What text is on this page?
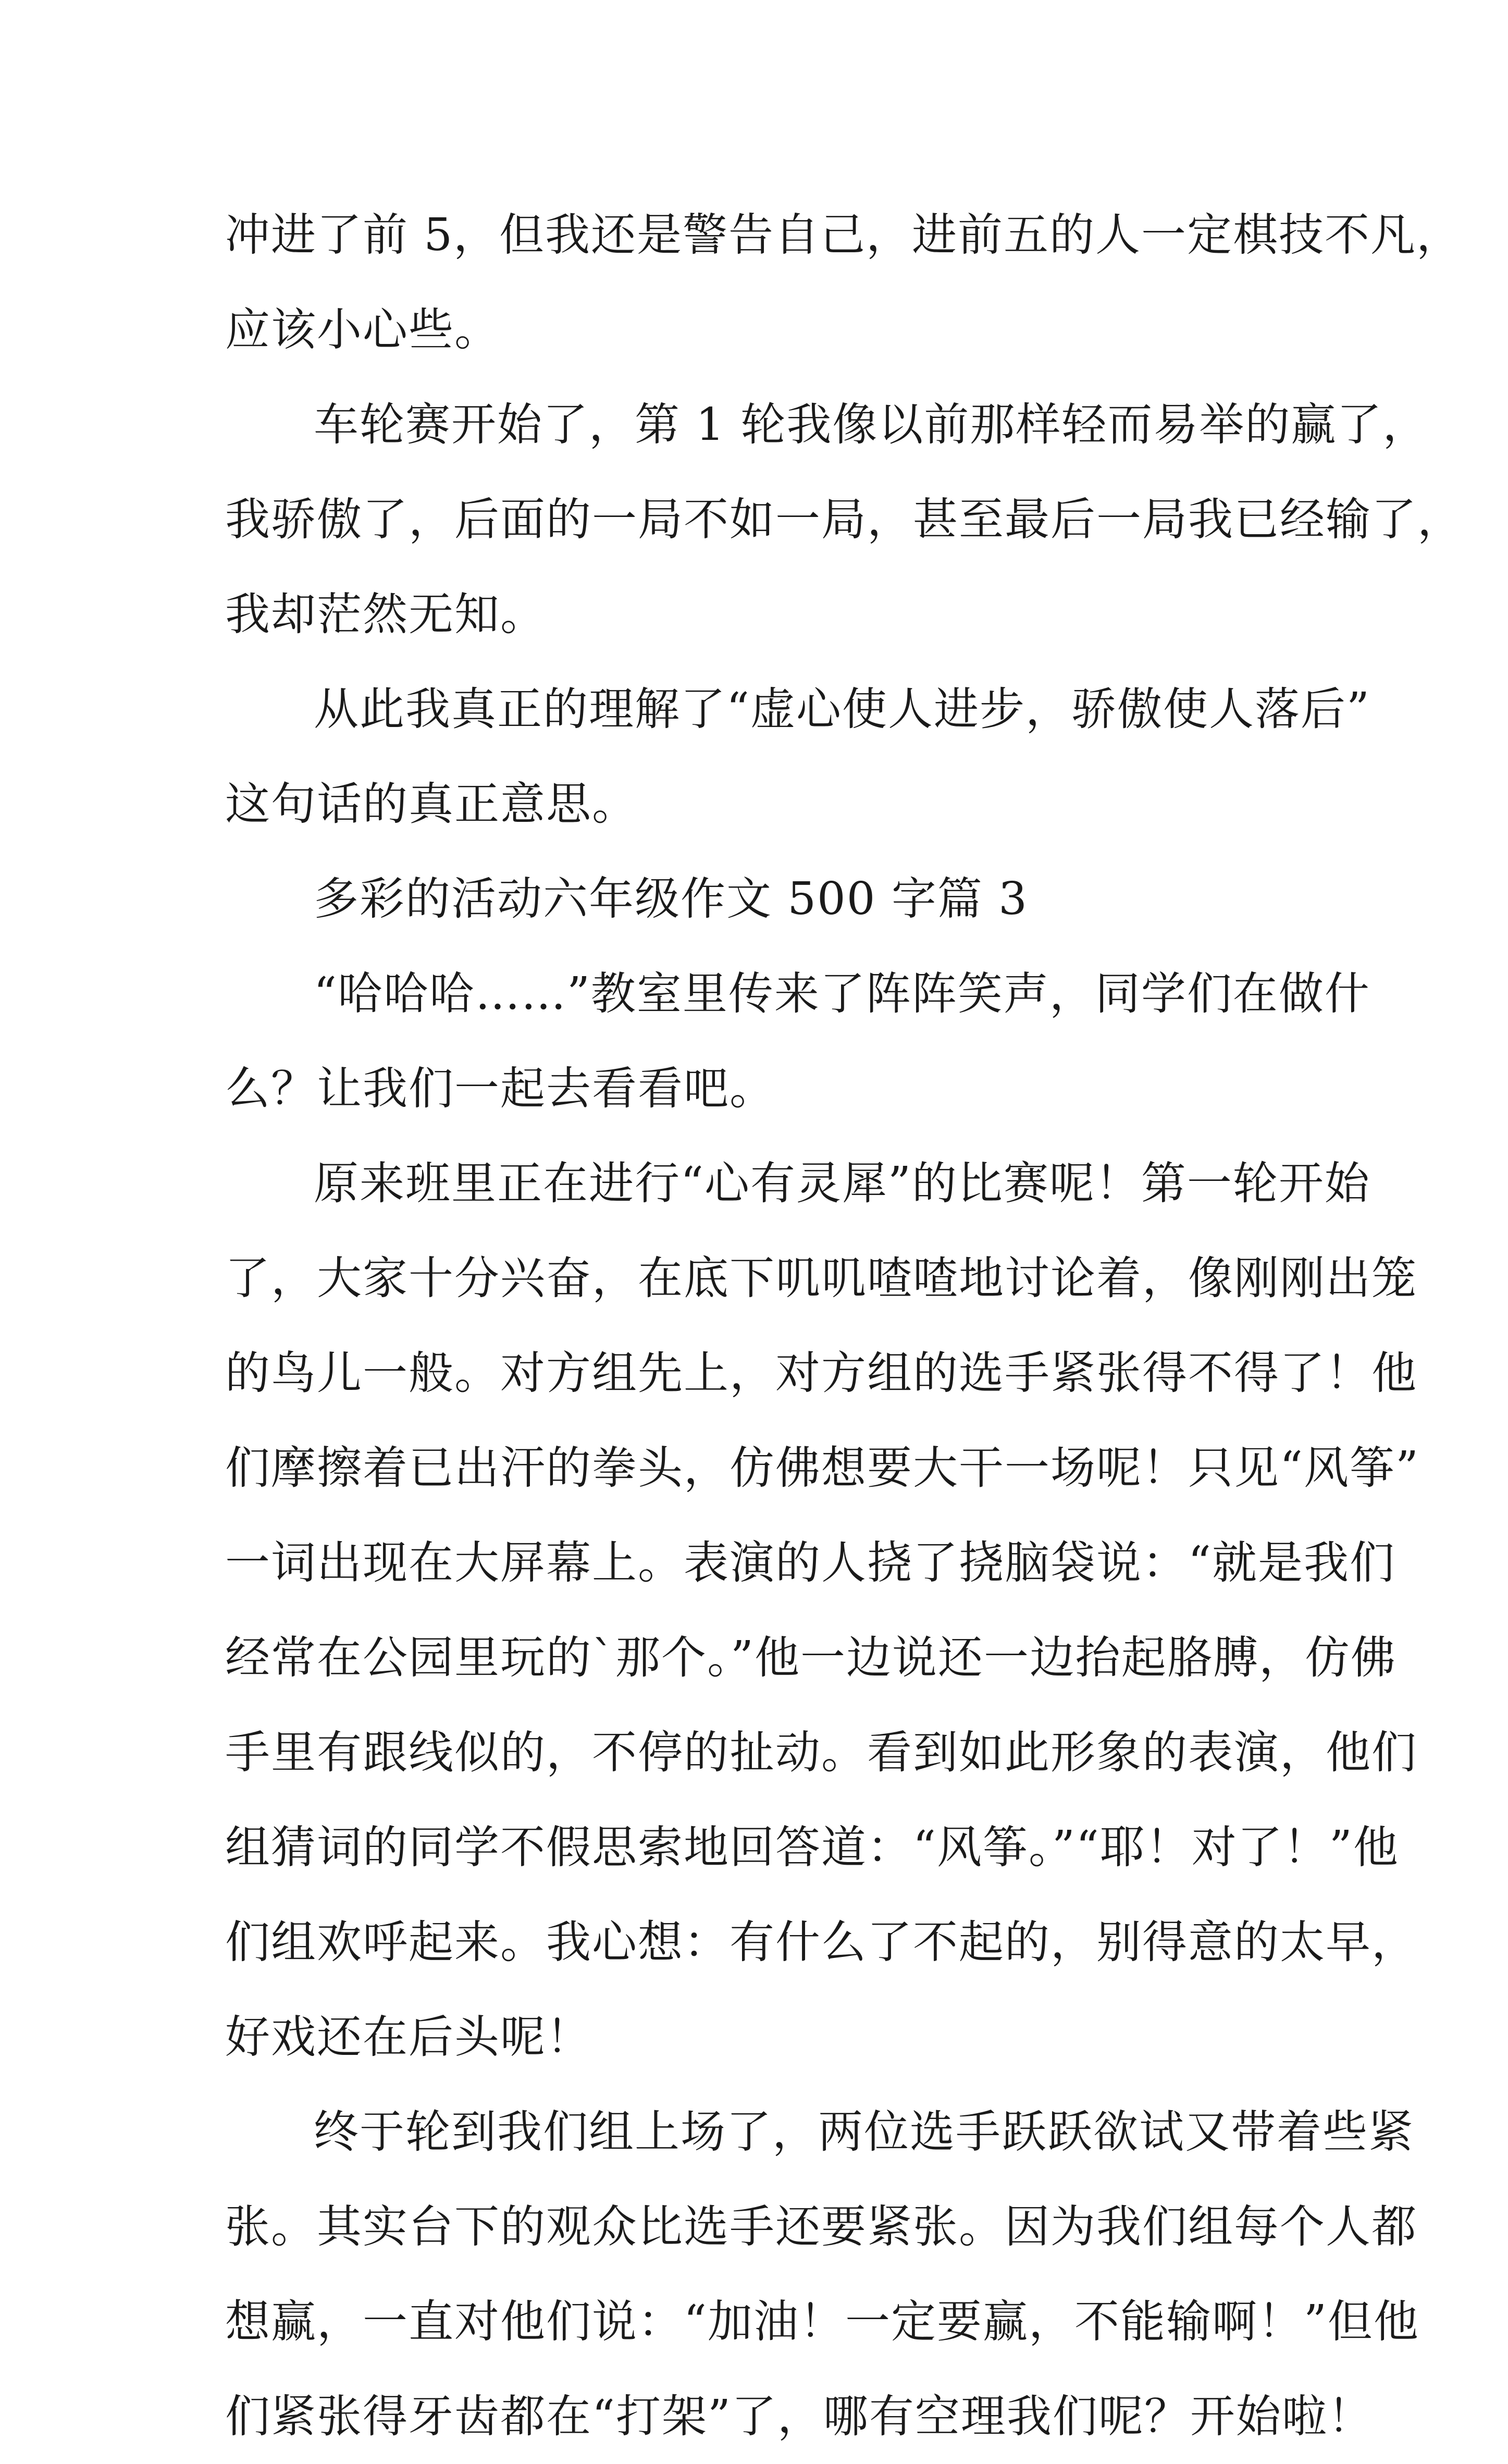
冲进了前 5，但我还是警告自己，进前五的人一定棋技不凡，
应该小心些。
车轮赛开始了，第 1 轮我像以前那样轻而易举的赢了，
我骄傲了，后面的一局不如一局，甚至最后一局我已经输了，
我却茫然无知。
从此我真正的理解了“虚心使人进步，骄傲使人落后”
这句话的真正意思。
多彩的活动六年级作文 500 字篇 3
“哈哈哈……”教室里传来了阵阵笑声，同学们在做什
么？让我们一起去看看吧。
原来班里正在进行“心有灵犀”的比赛呢！第一轮开始
了，大家十分兴奋，在底下叽叽喳喳地讨论着，像刚刚出笼
的鸟儿一般。对方组先上，对方组的选手紧张得不得了！他
们摩擦着已出汗的拳头，仿佛想要大干一场呢！只见“风筝”
一词出现在大屏幕上。表演的人挠了挠脑袋说：“就是我们
经常在公园里玩的`那个。”他一边说还一边抬起胳膊，仿佛
手里有跟线似的，不停的扯动。看到如此形象的表演，他们
组猜词的同学不假思索地回答道：“风筝。”“耶！对了！”他
们组欢呼起来。我心想：有什么了不起的，别得意的太早，
好戏还在后头呢！
终于轮到我们组上场了，两位选手跃跃欲试又带着些紧
张。其实台下的观众比选手还要紧张。因为我们组每个人都
想赢，一直对他们说：“加油！一定要赢，不能输啊！”但他
们紧张得牙齿都在“打架”了，哪有空理我们呢？开始啦！
